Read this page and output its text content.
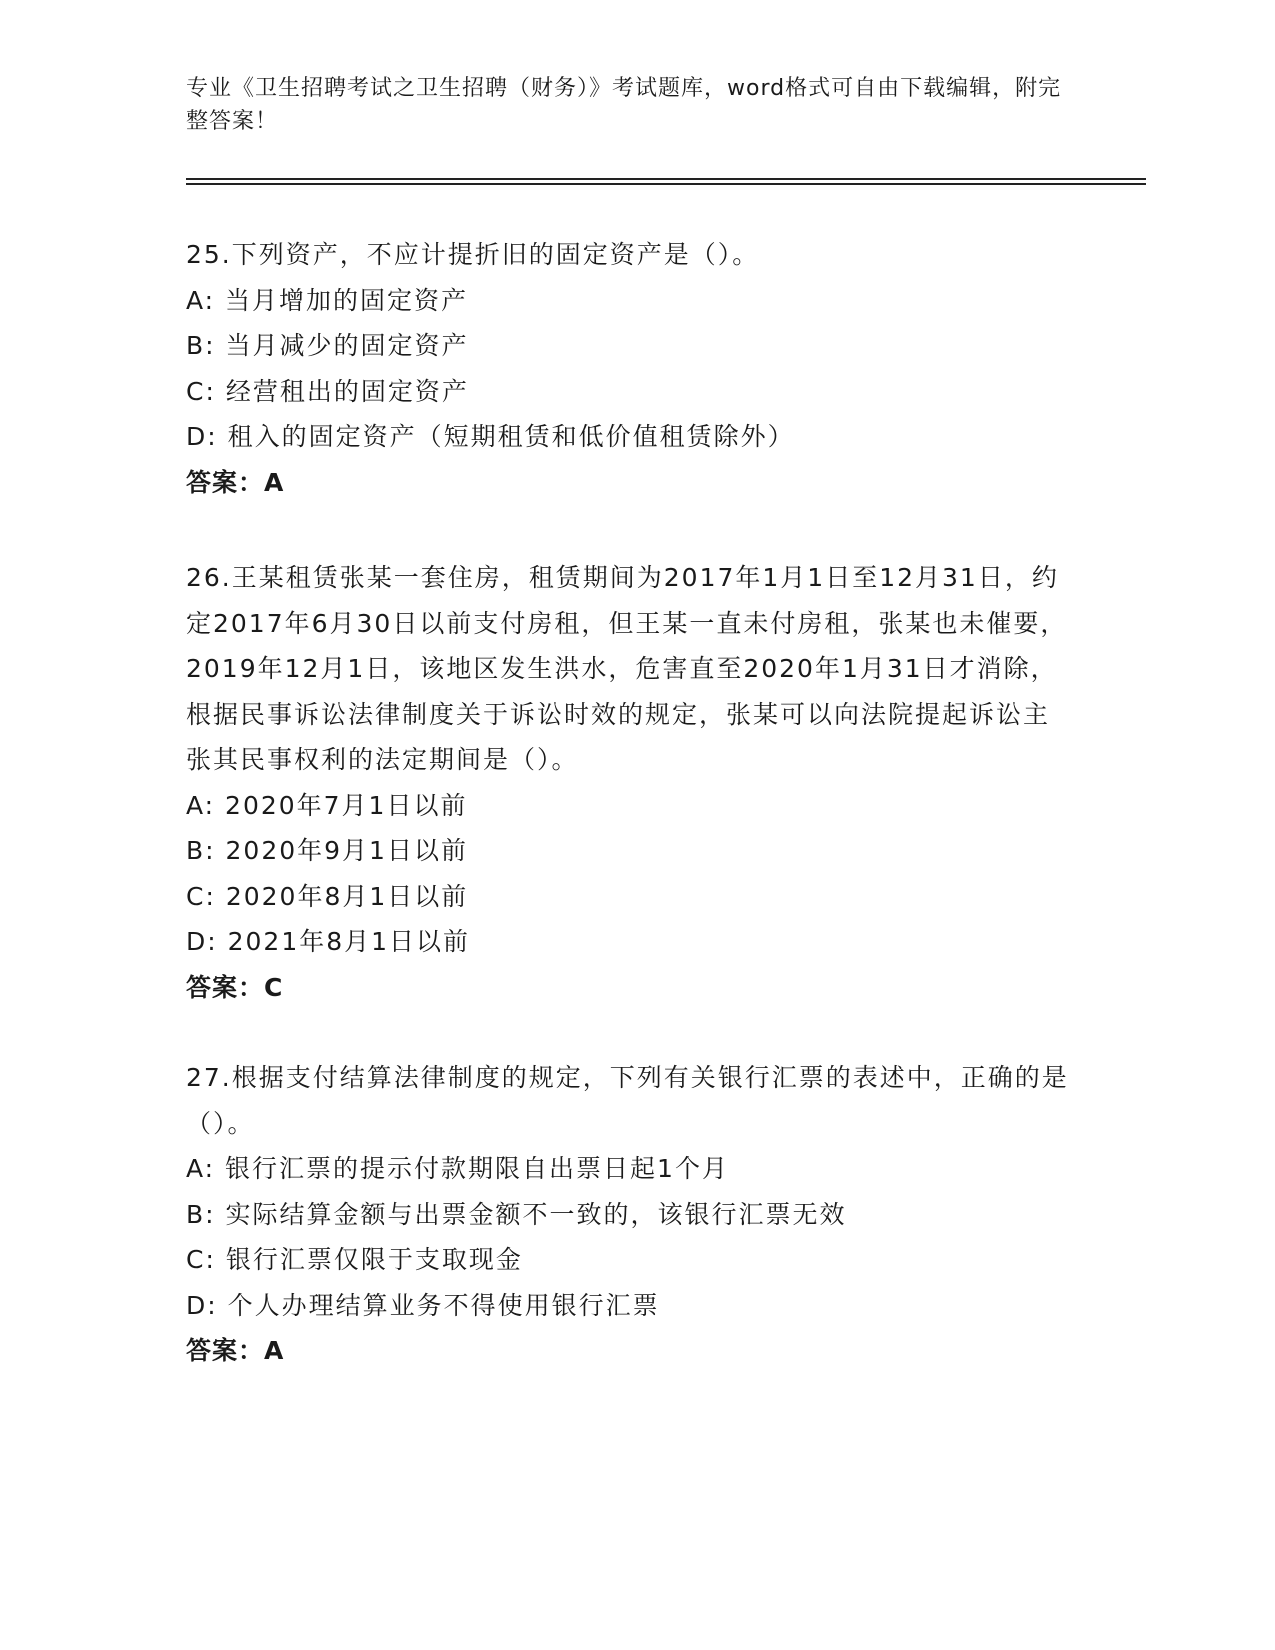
专业《卫生招聘考试之卫生招聘（财务）》考试题库，word格式可自由下载编辑，附完整答案！
25.下列资产，不应计提折旧的固定资产是（）。
A: 当月增加的固定资产
B: 当月减少的固定资产
C: 经营租出的固定资产
D: 租入的固定资产（短期租赁和低价值租赁除外）
答案：A
26.王某租赁张某一套住房，租赁期间为2017年1月1日至12月31日，约定2017年6月30日以前支付房租，但王某一直未付房租，张某也未催要，2019年12月1日，该地区发生洪水，危害直至2020年1月31日才消除，根据民事诉讼法律制度关于诉讼时效的规定，张某可以向法院提起诉讼主张其民事权利的法定期间是（）。
A: 2020年7月1日以前
B: 2020年9月1日以前
C: 2020年8月1日以前
D: 2021年8月1日以前
答案：C
27.根据支付结算法律制度的规定，下列有关银行汇票的表述中，正确的是（）。
A: 银行汇票的提示付款期限自出票日起1个月
B: 实际结算金额与出票金额不一致的，该银行汇票无效
C: 银行汇票仅限于支取现金
D: 个人办理结算业务不得使用银行汇票
答案：A
